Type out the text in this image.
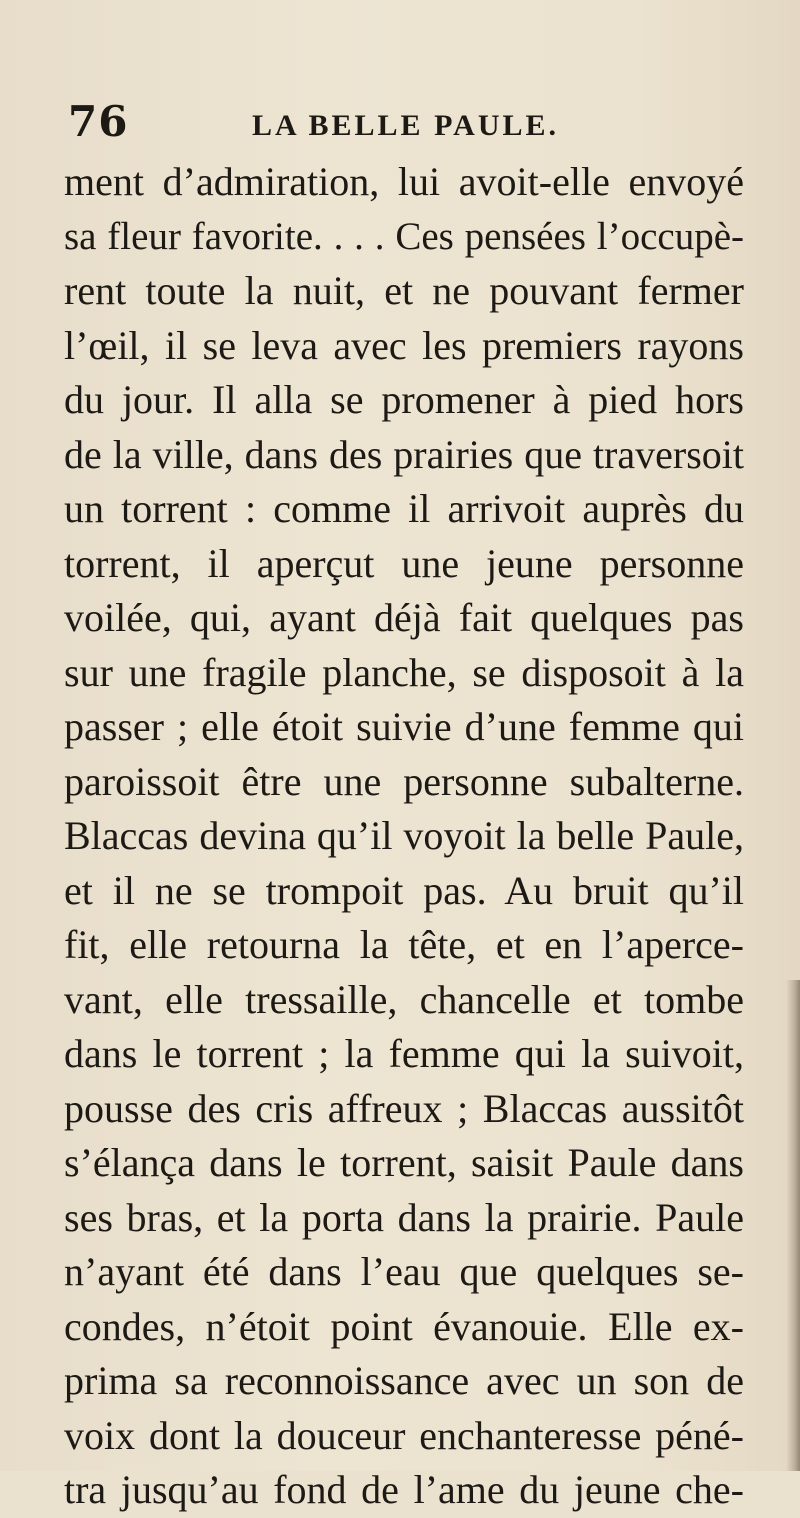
76	LA BELLE PAULE.
ment d’admiration, lui avoit-elle envoyé
sa fleur favorite. . . . Ces pensées l’occupè-
rent toute la nuit, et ne pouvant fermer
l’œil, il se leva avec les premiers rayons
du jour. Il alla se promener à pied hors
de la ville, dans des prairies que traversoit
un torrent : comme il arrivoit auprès du
torrent, il aperçut une jeune personne
voilée, qui, ayant déjà fait quelques pas
sur une fragile planche, se disposoit à la
passer ; elle étoit suivie d’une femme qui
paroissoit être une personne subalterne.
Blaccas devina qu’il voyoit la belle Paule,
et il ne se trompoit pas. Au bruit qu’il
fit, elle retourna la tête, et en l’aperce-
vant, elle tressaille, chancelle et tombe
dans le torrent ; la femme qui la suivoit,
pousse des cris affreux ; Blaccas aussitôt
s’élança dans le torrent, saisit Paule dans
ses bras, et la porta dans la prairie. Paule
n’ayant été dans l’eau que quelques se-
condes, n’étoit point évanouie. Elle ex-
prima sa reconnoissance avec un son de
voix dont la douceur enchanteresse péné-
tra jusqu’au fond de l’ame du jeune che-
